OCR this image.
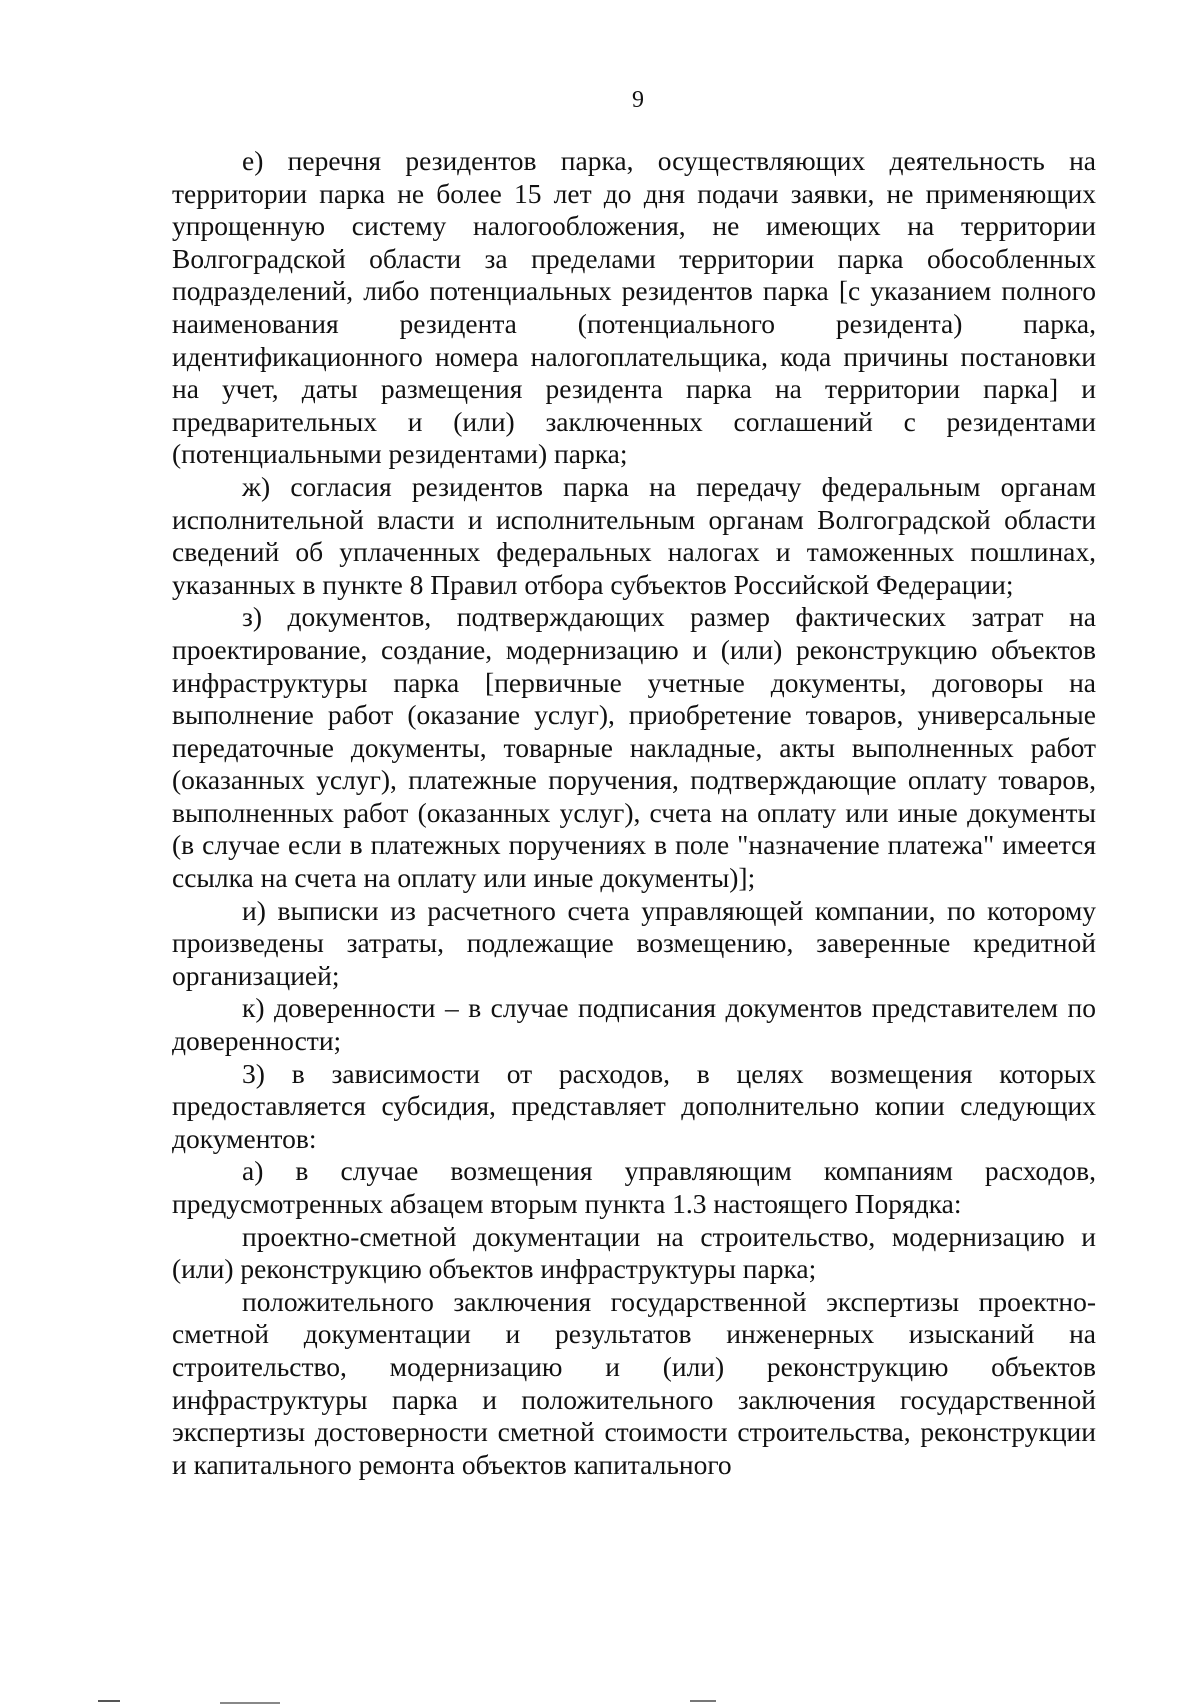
9

е) перечня резидентов парка, осуществляющих деятельность на территории парка не более 15 лет до дня подачи заявки, не применяющих упрощенную систему налогообложения, не имеющих на территории Волгоградской области за пределами территории парка обособленных подразделений, либо потенциальных резидентов парка [с указанием полного наименования резидента (потенциального резидента) парка, идентификационного номера налогоплательщика, кода причины постановки на учет, даты размещения резидента парка на территории парка] и предварительных и (или) заключенных соглашений с резидентами (потенциальными резидентами) парка;

ж) согласия резидентов парка на передачу федеральным органам исполнительной власти и исполнительным органам Волгоградской области сведений об уплаченных федеральных налогах и таможенных пошлинах, указанных в пункте 8 Правил отбора субъектов Российской Федерации;

з) документов, подтверждающих размер фактических затрат на проектирование, создание, модернизацию и (или) реконструкцию объектов инфраструктуры парка [первичные учетные документы, договоры на выполнение работ (оказание услуг), приобретение товаров, универсальные передаточные документы, товарные накладные, акты выполненных работ (оказанных услуг), платежные поручения, подтверждающие оплату товаров, выполненных работ (оказанных услуг), счета на оплату или иные документы (в случае если в платежных поручениях в поле "назначение платежа" имеется ссылка на счета на оплату или иные документы)];

и) выписки из расчетного счета управляющей компании, по которому произведены затраты, подлежащие возмещению, заверенные кредитной организацией;

к) доверенности – в случае подписания документов представителем по доверенности;

3) в зависимости от расходов, в целях возмещения которых предоставляется субсидия, представляет дополнительно копии следующих документов:

а) в случае возмещения управляющим компаниям расходов, предусмотренных абзацем вторым пункта 1.3 настоящего Порядка:

проектно-сметной документации на строительство, модернизацию и (или) реконструкцию объектов инфраструктуры парка;

положительного заключения государственной экспертизы проектно-сметной документации и результатов инженерных изысканий на строительство, модернизацию и (или) реконструкцию объектов инфраструктуры парка и положительного заключения государственной экспертизы достоверности сметной стоимости строительства, реконструкции и капитального ремонта объектов капитального
